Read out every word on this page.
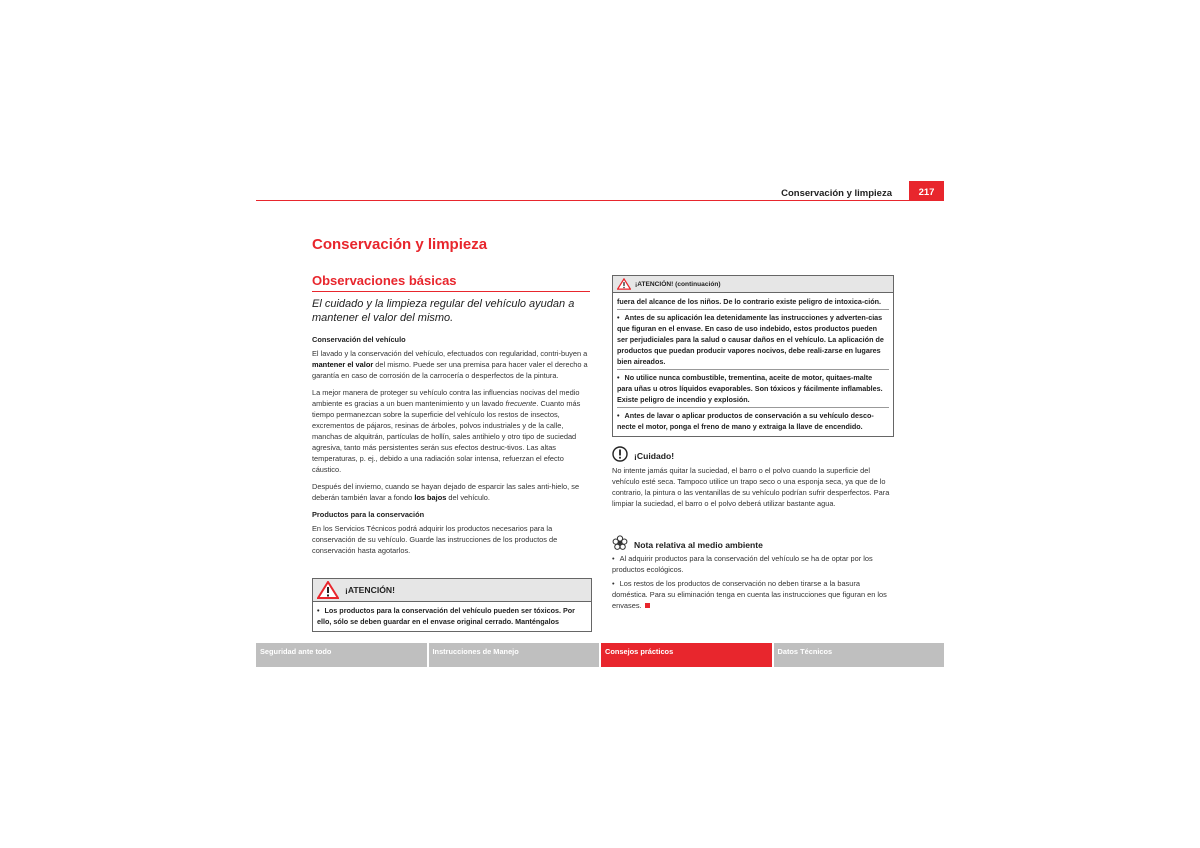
Conservación y limpieza	217
Conservación y limpieza
Observaciones básicas
El cuidado y la limpieza regular del vehículo ayudan a mantener el valor del mismo.
Conservación del vehículo

El lavado y la conservación del vehículo, efectuados con regularidad, contri-buyen a mantener el valor del mismo. Puede ser una premisa para hacer valer el derecho a garantía en caso de corrosión de la carrocería o desperfectos de la pintura.

La mejor manera de proteger su vehículo contra las influencias nocivas del medio ambiente es gracias a un buen mantenimiento y un lavado frecuente. Cuanto más tiempo permanezcan sobre la superficie del vehículo los restos de insectos, excrementos de pájaros, resinas de árboles, polvos industriales y de la calle, manchas de alquitrán, partículas de hollín, sales antihielo y otro tipo de suciedad agresiva, tanto más persistentes serán sus efectos destruc-tivos. Las altas temperaturas, p. ej., debido a una radiación solar intensa, refuerzan el efecto cáustico.

Después del invierno, cuando se hayan dejado de esparcir las sales anti-hielo, se deberán también lavar a fondo los bajos del vehículo.

Productos para la conservación

En los Servicios Técnicos podrá adquirir los productos necesarios para la conservación de su vehículo. Guarde las instrucciones de los productos de conservación hasta agotarlos.

¡ATENCIÓN!

• Los productos para la conservación del vehículo pueden ser tóxicos. Por ello, sólo se deben guardar en el envase original cerrado. Manténgalos

¡ATENCIÓN! (continuación)

fuera del alcance de los niños. De lo contrario existe peligro de intoxica-ción.

• Antes de su aplicación lea detenidamente las instrucciones y adverten-cias que figuran en el envase. En caso de uso indebido, estos productos pueden ser perjudiciales para la salud o causar daños en el vehículo. La aplicación de productos que puedan producir vapores nocivos, debe reali-zarse en lugares bien aireados.

• No utilice nunca combustible, trementina, aceite de motor, quitaes-malte para uñas u otros líquidos evaporables. Son tóxicos y fácilmente inflamables. Existe peligro de incendio y explosión.

• Antes de lavar o aplicar productos de conservación a su vehículo desco-necte el motor, ponga el freno de mano y extraiga la llave de encendido.

¡Cuidado!

No intente jamás quitar la suciedad, el barro o el polvo cuando la superficie del vehículo esté seca. Tampoco utilice un trapo seco o una esponja seca, ya que de lo contrario, la pintura o las ventanillas de su vehículo podrían sufrir desperfectos. Para limpiar la suciedad, el barro o el polvo deberá utilizar bastante agua.

Nota relativa al medio ambiente

• Al adquirir productos para la conservación del vehículo se ha de optar por los productos ecológicos.

• Los restos de los productos de conservación no deben tirarse a la basura doméstica. Para su eliminación tenga en cuenta las instrucciones que figuran en los envases.

Seguridad ante todo	Instrucciones de Manejo	Consejos prácticos	Datos Técnicos
